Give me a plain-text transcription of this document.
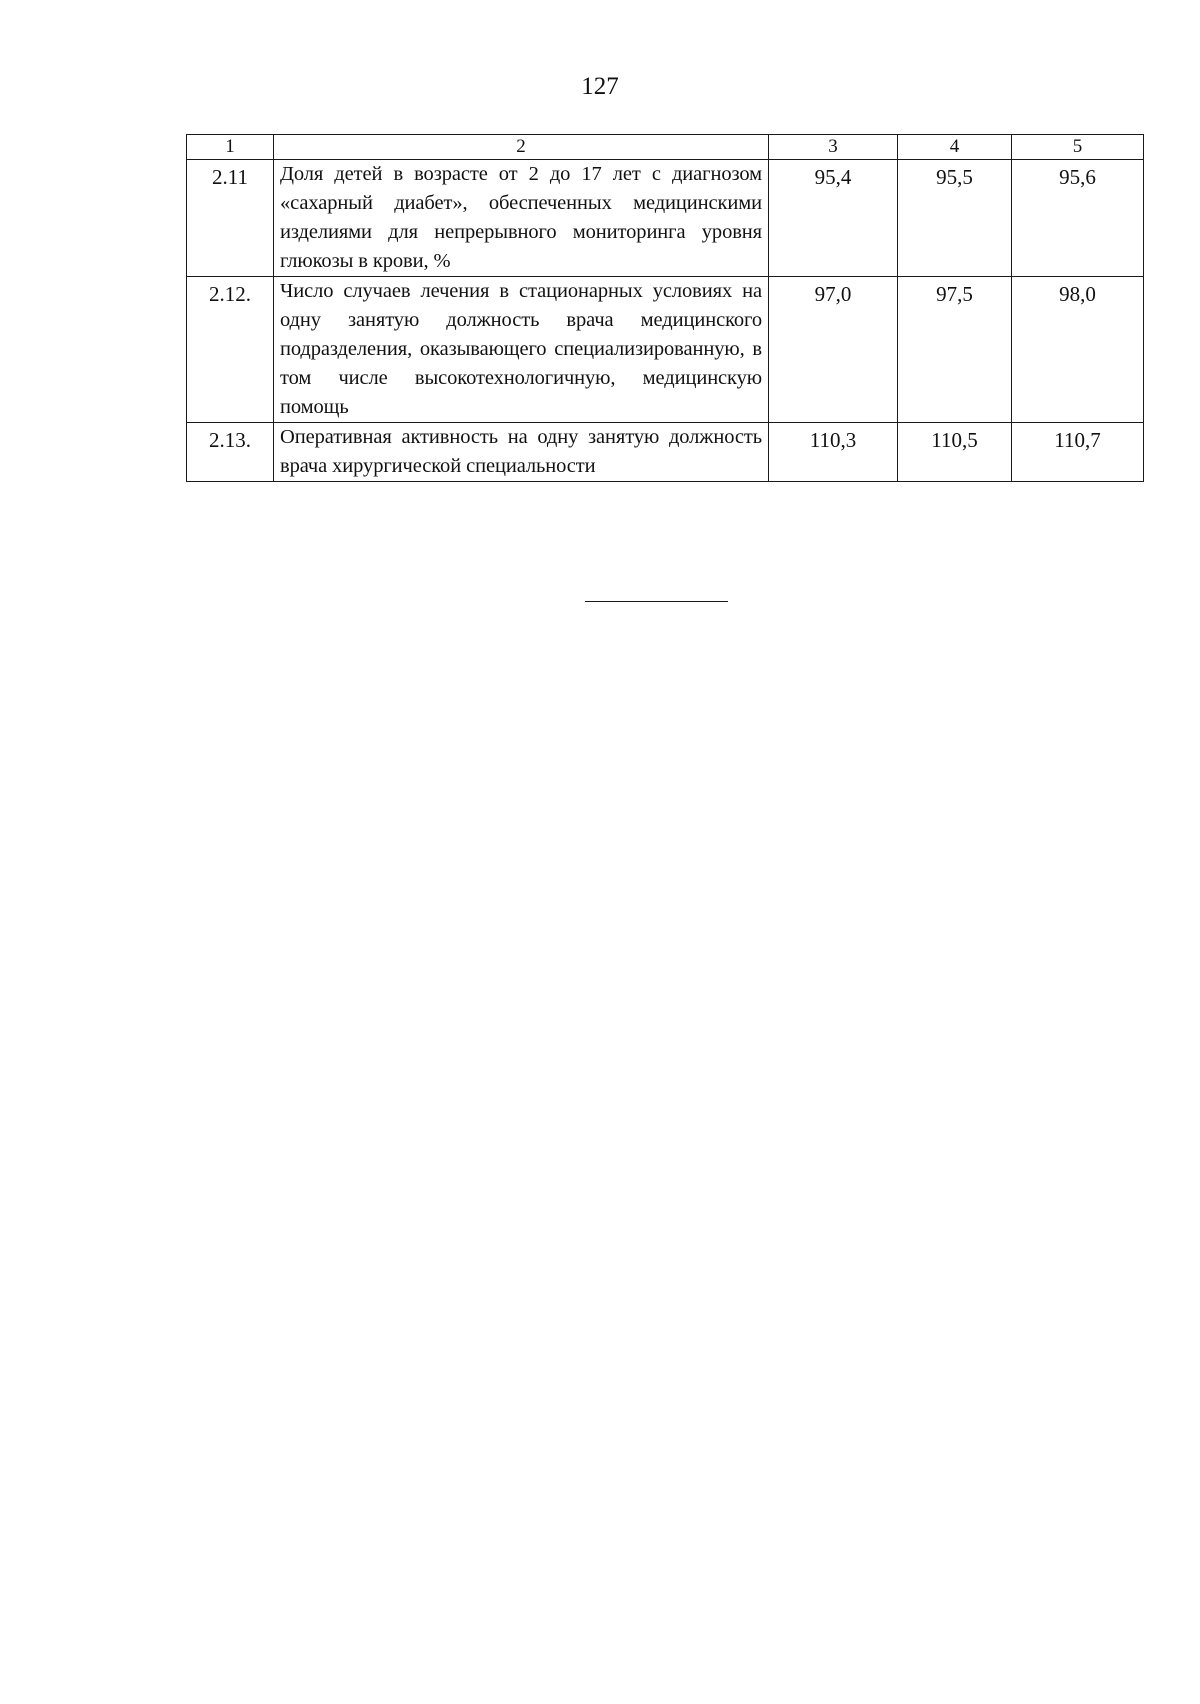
127
1	2	3	4	5
2.11	Доля детей в возрасте от 2 до 17 лет с диагнозом «сахарный диабет», обеспеченных медицинскими изделиями для непрерывного мониторинга уровня глюкозы в крови, %	95,4	95,5	95,6
2.12.	Число случаев лечения в стационарных условиях на одну занятую должность врача медицинского подразделения, оказывающего специализированную, в том числе высокотехнологичную, медицинскую помощь	97,0	97,5	98,0
2.13.	Оперативная активность на одну занятую должность врача хирургической специальности	110,3	110,5	110,7
